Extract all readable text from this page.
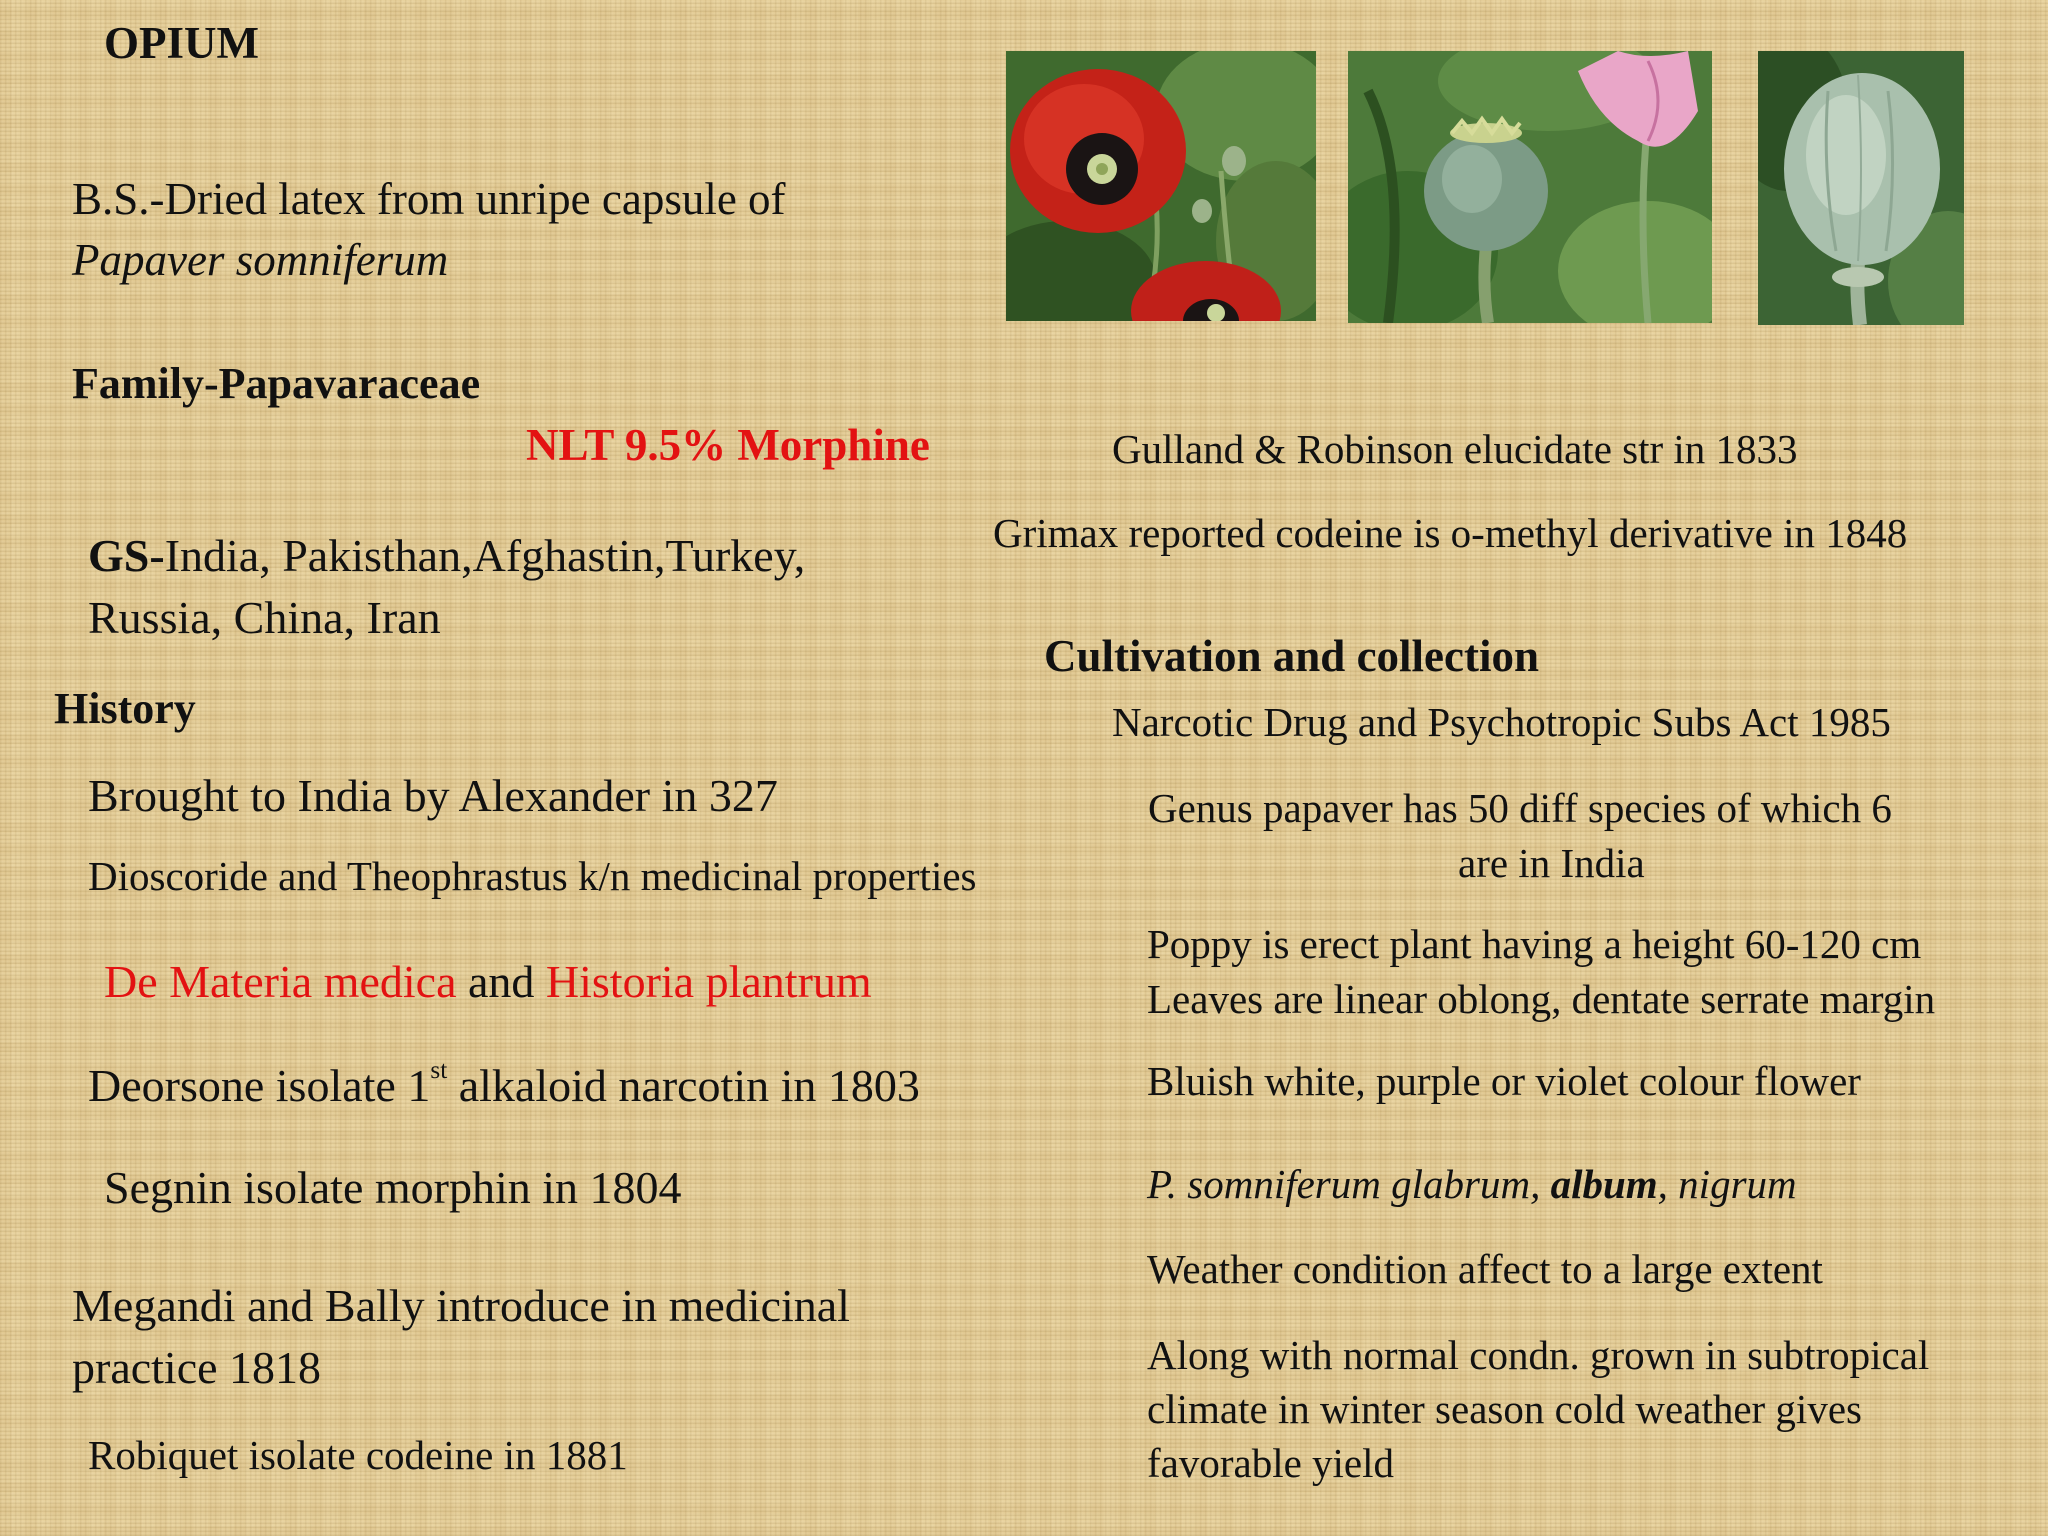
OPIUM
B.S.-Dried latex from unripe capsule of
Papaver somniferum
Family-Papavaraceae
NLT 9.5% Morphine
GS-India, Pakisthan,Afghastin,Turkey,
Russia, China, Iran
History
Brought to India by Alexander in 327
Dioscoride and Theophrastus k/n medicinal properties
De Materia medica and Historia plantrum
Deorsone isolate 1st alkaloid narcotin in 1803
Segnin isolate morphin in 1804
Megandi and Bally introduce in medicinal
practice 1818
Robiquet isolate codeine in 1881
Gulland & Robinson elucidate str in 1833
Grimax reported codeine is o-methyl derivative in 1848
Cultivation and collection
Narcotic Drug and Psychotropic Subs Act 1985
Genus papaver has 50 diff species of which 6
are in India
Poppy is erect plant having a height 60-120 cm
Leaves are linear oblong, dentate serrate margin
Bluish white, purple or violet colour flower
P. somniferum glabrum, album, nigrum
Weather condition affect to a large extent
Along with normal condn. grown in subtropical
climate in winter season cold weather gives
favorable yield
